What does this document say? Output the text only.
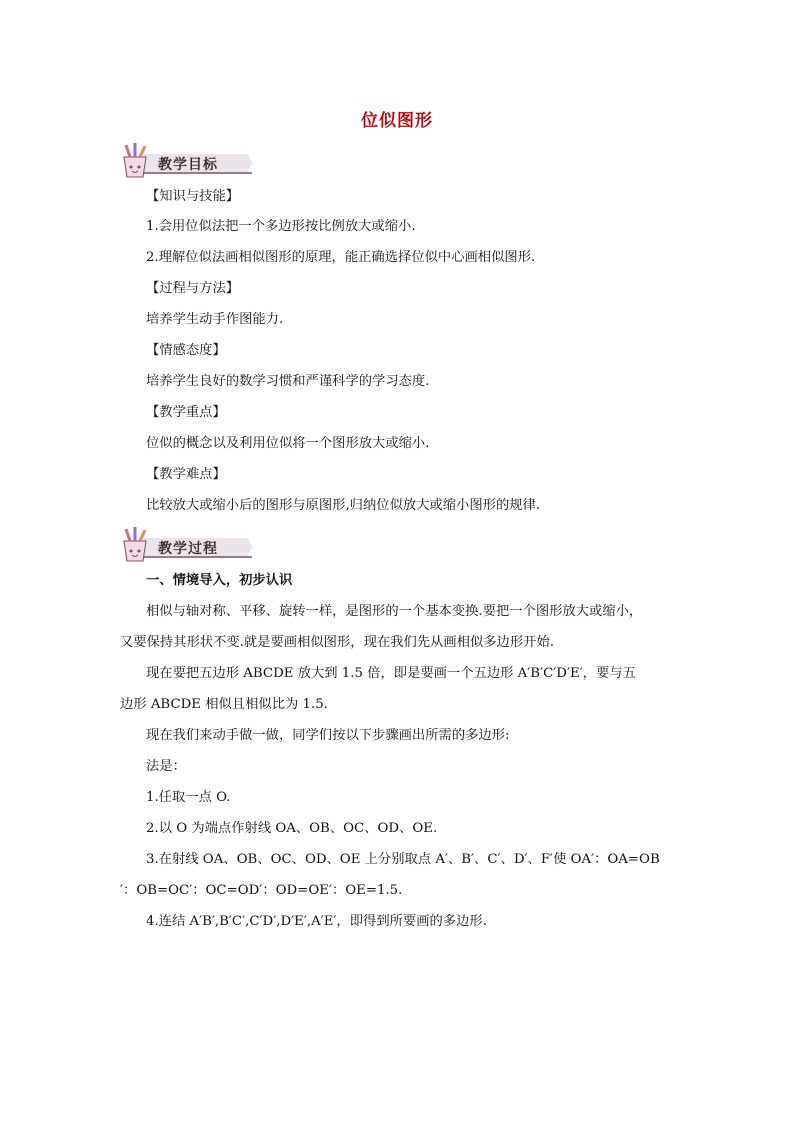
位似图形
教学目标
【知识与技能】
1.会用位似法把一个多边形按比例放大或缩小.
2.理解位似法画相似图形的原理，能正确选择位似中心画相似图形.
【过程与方法】
培养学生动手作图能力.
【情感态度】
培养学生良好的数学习惯和严谨科学的学习态度.
【教学重点】
位似的概念以及利用位似将一个图形放大或缩小.
【教学难点】
比较放大或缩小后的图形与原图形,归纳位似放大或缩小图形的规律.
教学过程
一、情境导入，初步认识
相似与轴对称、平移、旋转一样，是图形的一个基本变换.要把一个图形放大或缩小，
又要保持其形状不变.就是要画相似图形，现在我们先从画相似多边形开始.
现在要把五边形 ABCDE 放大到 1.5 倍，即是要画一个五边形 A′B′C′D′E′，要与五
边形 ABCDE 相似且相似比为 1.5.
现在我们来动手做一做，同学们按以下步骤画出所需的多边形:
法是：
1.任取一点 O.
2.以 O 为端点作射线 OA、OB、OC、OD、OE.
3.在射线 OA、OB、OC、OD、OE 上分别取点 A′、B′、C′、D′、F′使 OA′：OA=OB
′：OB=OC′：OC=OD′：OD=OE′：OE=1.5.
4.连结 A′B′,B′C′,C′D′,D′E′,A′E′，即得到所要画的多边形.
